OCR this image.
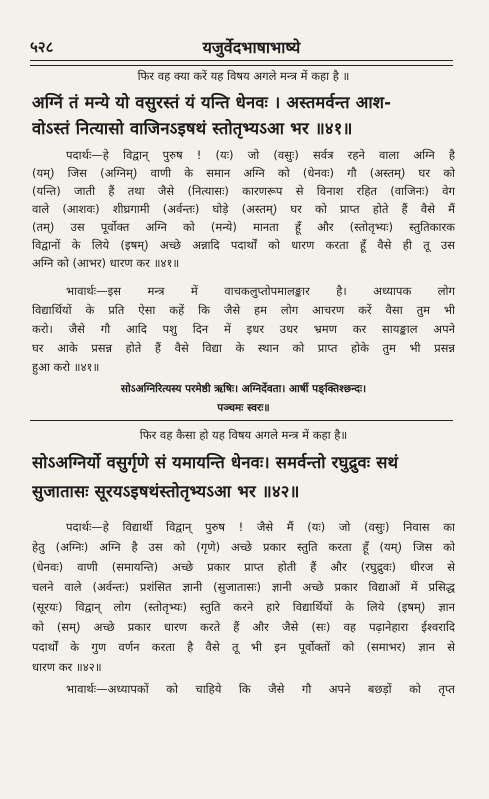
५२८	यजुर्वेदभाषाभाष्ये
फिर वह क्या करें यह विषय अगले मन्त्र में कहा है ॥
अग्निं तं मन्ये यो वसुरस्तं यं यन्ति धेनवः । अस्तमर्वन्त आश-
वोऽस्तं नित्यासो वाजिनऽइषथं स्तोतृभ्यऽआ भर ॥४१॥
पदार्थः—हे विद्वान् पुरुष ! (यः) जो (वसुः) सर्वत्र रहने वाला अग्नि है
(यम्) जिस (अग्निम्) वाणी के समान अग्नि को (धेनवः) गौ (अस्तम्) घर को
(यन्ति) जाती हैं तथा जैसे (नित्यासः) कारणरूप से विनाश रहित (वाजिनः) वेग
वाले (आशवः) शीघ्रगामी (अर्वन्तः) घोड़े (अस्तम्) घर को प्राप्त होते हैं वैसे मैं
(तम्) उस पूर्वोक्त अग्नि को (मन्ये) मानता हूँ और (स्तोतृभ्यः) स्तुतिकारक
विद्वानों के लिये (इषम्) अच्छे अन्नादि पदार्थों को धारण करता हूँ वैसे ही तू उस
अग्नि को (आभर) धारण कर ॥४१॥
भावार्थः—इस मन्त्र में वाचकलुप्तोपमालङ्कार है। अध्यापक लोग
विद्यार्थियों के प्रति ऐसा कहें कि जैसे हम लोग आचरण करें वैसा तुम भी
करो। जैसे गौ आदि पशु दिन में इधर उधर भ्रमण कर सायङ्काल अपने
घर आके प्रसन्न होते हैं वैसे विद्या के स्थान को प्राप्त होके तुम भी प्रसन्न
हुआ करो ॥४१॥
सोऽअग्निरित्यस्य परमेष्ठी ऋषिः। अग्निर्देवता। आर्षी पङ्क्तिश्छन्दः।
पञ्चमः स्वरः॥
फिर वह कैसा हो यह विषय अगले मन्त्र में कहा है॥
सोऽअग्निर्यो वसुर्गृणे सं यमायन्ति धेनवः। समर्वन्तो रघुद्रुवः सथं
सुजातासः सूरयऽइषथंस्तोतृभ्यऽआ भर ॥४२॥
पदार्थः—हे विद्यार्थी विद्वान् पुरुष ! जैसे मैं (यः) जो (वसुः) निवास का
हेतु (अग्निः) अग्नि है उस को (गृणे) अच्छे प्रकार स्तुति करता हूँ (यम्) जिस को
(धेनवः) वाणी (समायन्ति) अच्छे प्रकार प्राप्त होती हैं और (रघुद्रुवः) धीरज से
चलने वाले (अर्वन्तः) प्रशंसित ज्ञानी (सुजातासः) ज्ञानी अच्छे प्रकार विद्याओं में प्रसिद्ध
(सूरयः) विद्वान् लोग (स्तोतृभ्यः) स्तुति करने हारे विद्यार्थियों के लिये (इषम्) ज्ञान
को (सम्) अच्छे प्रकार धारण करते हैं और जैसे (सः) वह पढ़ानेहारा ईश्वरादि
पदार्थों के गुण वर्णन करता है वैसे तू भी इन पूर्वोक्तों को (समाभर) ज्ञान से
धारण कर ॥४२॥
भावार्थः—अध्यापकों को चाहिये कि जैसे गौ अपने बछड़ों को तृप्त
